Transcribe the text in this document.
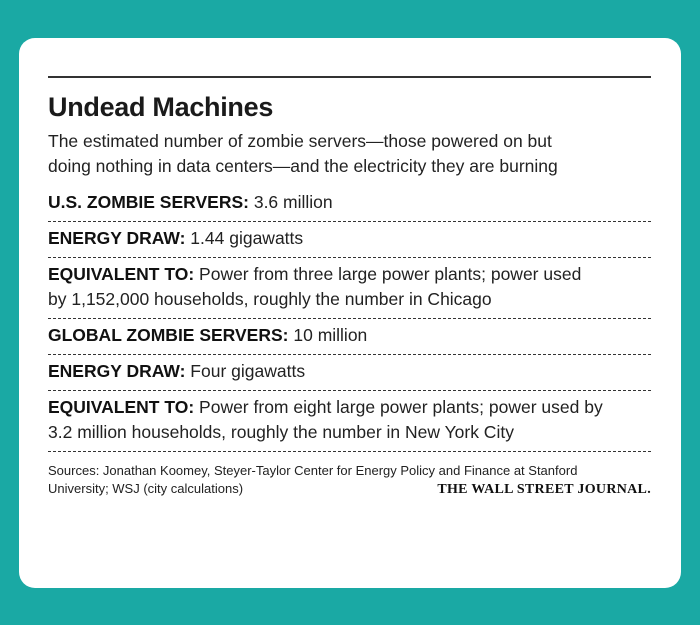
Undead Machines
The estimated number of zombie servers—those powered on but
doing nothing in data centers—and the electricity they are burning
U.S. ZOMBIE SERVERS: 3.6 million
ENERGY DRAW: 1.44 gigawatts
EQUIVALENT TO: Power from three large power plants; power used
by 1,152,000 households, roughly the number in Chicago
GLOBAL ZOMBIE SERVERS: 10 million
ENERGY DRAW: Four gigawatts
EQUIVALENT TO: Power from eight large power plants; power used by
3.2 million households, roughly the number in New York City
Sources: Jonathan Koomey, Steyer-Taylor Center for Energy Policy and Finance at Stanford
University; WSJ (city calculations)	THE WALL STREET JOURNAL.
